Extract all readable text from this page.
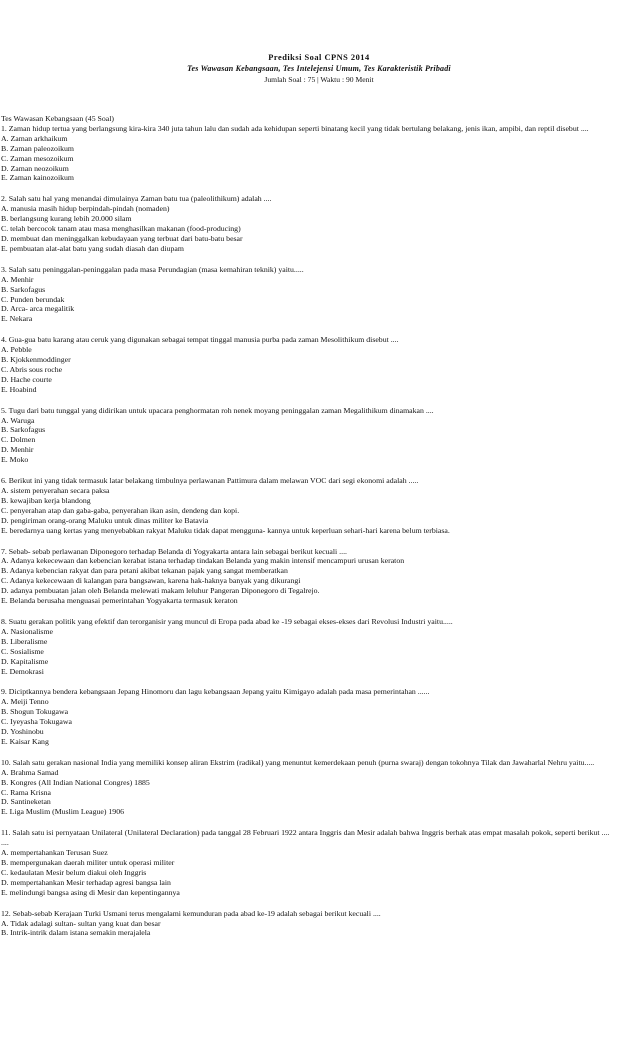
Prediksi Soal CPNS 2014
Tes Wawasan Kebangsaan, Tes Intelejensi Umum, Tes Karakteristik Pribadi
Jumlah Soal : 75 | Waktu : 90 Menit
Tes Wawasan Kebangsaan (45 Soal)
1. Zaman hidup tertua yang berlangsung kira-kira 340 juta tahun lalu dan sudah ada kehidupan seperti binatang kecil yang tidak bertulang belakang, jenis ikan, ampibi, dan reptil disebut ....
A. Zaman arkhaikum
B. Zaman paleozoikum
C. Zaman mesozoikum
D. Zaman neozoikum
E. Zaman kainozoikum
2. Salah satu hal yang menandai dimulainya Zaman batu tua (paleolithikum) adalah ....
A. manusia masih hidup berpindah-pindah (nomaden)
B. berlangsung kurang lebih 20.000 silam
C. telah bercocok tanam atau masa menghasilkan makanan (food-producing)
D. membuat dan meninggalkan kebudayaan yang terbuat dari batu-batu besar
E. pembuatan alat-alat batu yang sudah diasah dan diupam
3. Salah satu peninggalan-peninggalan pada masa Perundagian (masa kemahiran teknik) yaitu.....
A. Menhir
B. Sarkofagus
C. Punden berundak
D. Arca- arca megalitik
E. Nekara
4. Gua-gua batu karang atau ceruk yang digunakan sebagai tempat tinggal manusia purba pada zaman Mesolithikum disebut ....
A. Pebble
B. Kjokkenmoddinger
C. Abris sous roche
D. Hache courte
E. Hoabind
5. Tugu dari batu tunggal yang didirikan untuk upacara penghormatan roh nenek moyang peninggalan zaman Megalithikum dinamakan ....
A. Waruga
B. Sarkofagus
C. Dolmen
D. Menhir
E. Moko
6. Berikut ini yang tidak termasuk latar belakang timbulnya perlawanan Pattimura dalam melawan VOC dari segi ekonomi adalah .....
A. sistem penyerahan secara paksa
B. kewajiban kerja blandong
C. penyerahan atap dan gaba-gaba, penyerahan ikan asin, dendeng dan kopi.
D. pengiriman orang-orang Maluku untuk dinas militer ke Batavia
E. beredarnya uang kertas yang menyebabkan rakyat Maluku tidak dapat mengguna- kannya untuk keperluan sehari-hari karena belum terbiasa.
7. Sebab- sebab perlawanan Diponegoro terhadap Belanda di Yogyakarta antara lain sebagai berikut kecuali ....
A. Adanya kekecewaan dan kebencian kerabat istana terhadap tindakan Belanda yang makin intensif mencampuri urusan keraton
B. Adanya kebencian rakyat dan para petani akibat tekanan pajak yang sangat memberatkan
C. Adanya kekecewaan di kalangan para bangsawan, karena hak-haknya banyak yang dikurangi
D. adanya pembuatan jalan oleh Belanda melewati makam leluhur Pangeran Diponegoro di Tegalrejo.
E. Belanda berusaha menguasai pemerintahan Yogyakarta termasuk keraton
8. Suatu gerakan politik yang efektif dan terorganisir yang muncul di Eropa pada abad ke -19 sebagai ekses-ekses dari Revolusi Industri yaitu.....
A. Nasionalisme
B. Liberalisme
C. Sosialisme
D. Kapitalisme
E. Demokrasi
9. Diciptkannya bendera kebangsaan Jepang Hinomoru dan lagu kebangsaan Jepang yaitu Kimigayo adalah pada masa pemerintahan ......
A. Meiji Tenno
B. Shogun Tokugawa
C. Iyeyasha Tokugawa
D. Yoshinobu
E. Kaisar Kang
10. Salah satu gerakan nasional India yang memiliki konsep aliran Ekstrim (radikal) yang menuntut kemerdekaan penuh (purna swaraj) dengan tokohnya Tilak dan Jawaharlal Nehru yaitu.....
A. Brahma Samad
B. Kongres (All Indian National Congres) 1885
C. Rama Krisna
D. Santineketan
E. Liga Muslim (Muslim League) 1906
11. Salah satu isi pernyataan Unilateral (Unilateral Declaration) pada tanggal 28 Februari 1922 antara Inggris dan Mesir adalah bahwa Inggris berhak atas empat masalah pokok, seperti berikut ....
....
A. mempertahankan Terusan Suez
B. mempergunakan daerah militer untuk operasi militer
C. kedaulatan Mesir belum diakui oleh Inggris
D. mempertahankan Mesir terhadap agresi bangsa lain
E. melindungi bangsa asing di Mesir dan kepentingannya
12. Sebab-sebab Kerajaan Turki Usmani terus mengalami kemunduran pada abad ke-19 adalah sebagai berikut kecuali ....
A. Tidak adalagi sultan- sultan yang kuat dan besar
B. Intrik-intrik dalam istana semakin merajalela
